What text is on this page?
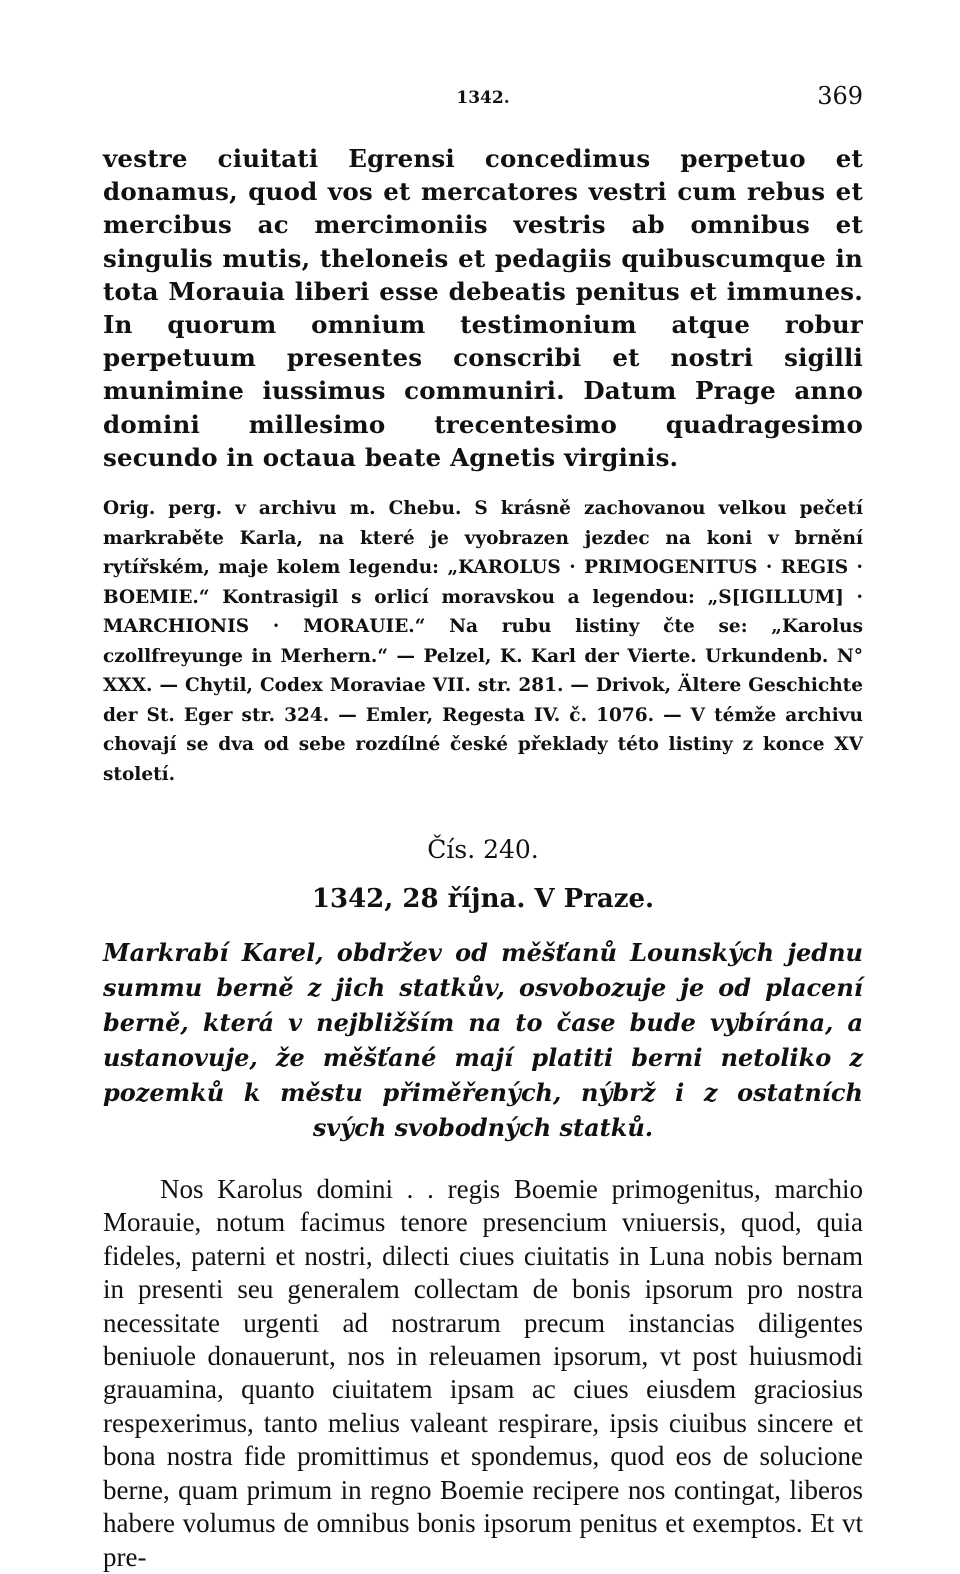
1342.	369

vestre ciuitati Egrensi concedimus perpetuo et donamus, quod vos et mercatores vestri cum rebus et mercibus ac mercimoniis vestris ab omnibus et singulis mutis, theloneis et pedagiis quibuscumque in tota Morauia liberi esse debeatis penitus et immunes. In quorum omnium testimonium atque robur perpetuum presentes conscribi et nostri sigilli munimine iussimus communiri. Datum Prage anno domini millesimo trecentesimo quadragesimo secundo in octaua beate Agnetis virginis.

Orig. perg. v archivu m. Chebu. S krásně zachovanou velkou pečetí markraběte Karla, na které je vyobrazen jezdec na koni v brnění rytířském, maje kolem legendu: „KAROLUS · PRIMOGENITUS · REGIS · BOEMIE.“ Kontrasigil s orlicí moravskou a legendou: „S[IGILLUM] · MARCHIONIS · MORAUIE.“ Na rubu listiny čte se: „Karolus czollfreyunge in Merhern.“ — Pelzel, K. Karl der Vierte. Urkundenb. N° XXX. — Chytil, Codex Moraviae VII. str. 281. — Drivok, Ältere Geschichte der St. Eger str. 324. — Emler, Regesta IV. č. 1076. — V témže archivu chovají se dva od sebe rozdílné české překlady této listiny z konce XV století.

Čís. 240.
1342, 28 října. V Praze.

Markrabí Karel, obdržev od měšťanů Lounských jednu summu berně z jich statkův, osvobozuje je od placení berně, která v nejbližším na to čase bude vybírána, a ustanovuje, že měšťané mají platiti berni netoliko z pozemků k městu přiměřených, nýbrž i z ostatních svých svobodných statků.

Nos Karolus domini . . regis Boemie primogenitus, marchio Morauie, notum facimus tenore presencium vniuersis, quod, quia fideles, paterni et nostri, dilecti ciues ciuitatis in Luna nobis bernam in presenti seu generalem collectam de bonis ipsorum pro nostra necessitate urgenti ad nostrarum precum instancias diligentes beniuole donauerunt, nos in releuamen ipsorum, vt post huiusmodi grauamina, quanto ciuitatem ipsam ac ciues eiusdem graciosius respexerimus, tanto melius valeant respirare, ipsis ciuibus sincere et bona nostra fide promittimus et spondemus, quod eos de solucione berne, quam primum in regno Boemie recipere nos contingat, liberos habere volumus de omnibus bonis ipsorum penitus et exemptos. Et vt pre-
